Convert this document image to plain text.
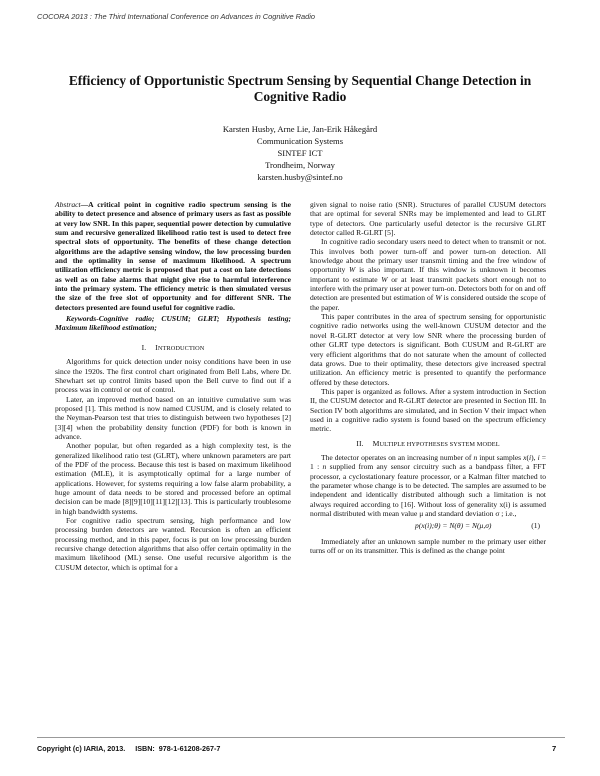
COCORA 2013 : The Third International Conference on Advances in Cognitive Radio
Efficiency of Opportunistic Spectrum Sensing by Sequential Change Detection in
Cognitive Radio
Karsten Husby, Arne Lie, Jan-Erik Håkegård
Communication Systems
SINTEF ICT
Trondheim, Norway
karsten.husby@sintef.no

Abstract—A critical point in cognitive radio spectrum sensing is the ability to detect presence and absence of primary users as fast as possible at very low SNR. In this paper, sequential power detection by cumulative sum and recursive generalized likelihood ratio test is used to detect free spectral slots of opportunity. The benefits of these change detection algorithms are the adaptive sensing window, the low processing burden and the optimality in sense of maximum likelihood. A spectrum utilization efficiency metric is proposed that put a cost on late detections as well as on false alarms that might give rise to harmful interference into the primary system. The efficiency metric is then simulated versus the size of the free slot of opportunity and for different SNR. The detectors presented are found useful for cognitive radio.

Keywords-Cognitive radio; CUSUM; GLRT; Hypothesis testing; Maximum likelihood estimation;

I. INTRODUCTION

Algorithms for quick detection under noisy conditions have been in use since the 1920s. The first control chart originated from Bell Labs, where Dr. Shewhart set up control limits based upon the Bell curve to find out if a process was in control or out of control.

Later, an improved method based on an intuitive cumulative sum was proposed [1]. This method is now named CUSUM, and is closely related to the Neyman-Pearson test that tries to distinguish between two hypotheses [2][3][4] when the probability density function (PDF) for both is known in advance.

Another popular, but often regarded as a high complexity test, is the generalized likelihood ratio test (GLRT), where unknown parameters are part of the PDF of the process. Because this test is based on maximum likelihood estimation (MLE), it is asymptotically optimal for a large number of applications. However, for systems requiring a low false alarm probability, a huge amount of data needs to be stored and processed before an optimal decision can be made [8][9][10][11][12][13]. This is particularly troublesome in high bandwidth systems.

For cognitive radio spectrum sensing, high performance and low processing burden detectors are wanted. Recursion is often an efficient processing method, and in this paper, focus is put on low processing burden recursive change detection algorithms that also offer certain optimality in the maximum likelihood (ML) sense. One useful recursive algorithm is the CUSUM detector, which is optimal for a

given signal to noise ratio (SNR). Structures of parallel CUSUM detectors that are optimal for several SNRs may be implemented and lead to GLRT type of detectors. One particularly useful detector is the recursive GLRT detector called R-GLRT [5].

In cognitive radio secondary users need to detect when to transmit or not. This involves both power turn-off and power turn-on detection. All knowledge about the primary user transmit timing and the free window of opportunity W is also important. If this window is unknown it becomes important to estimate W or at least transmit packets short enough not to interfere with the primary user at power turn-on. Detectors both for on and off detection are presented but estimation of W is considered outside the scope of the paper.

This paper contributes in the area of spectrum sensing for opportunistic cognitive radio networks using the well-known CUSUM detector and the novel R-GLRT detector at very low SNR where the processing burden of other GLRT type detectors is significant. Both CUSUM and R-GLRT are very efficient algorithms that do not saturate when the amount of collected data grows. Due to their optimality, these detectors give increased spectral utilization. An efficiency metric is presented to quantify the performance offered by these detectors.

This paper is organized as follows. After a system introduction in Section II, the CUSUM detector and R-GLRT detector are presented in Section III. In Section IV both algorithms are simulated, and in Section V their impact when used in a cognitive radio system is found based on the spectrum efficiency metric.

II. MULTIPLE HYPOTHESES SYSTEM MODEL

The detector operates on an increasing number of n input samples x(i), i = 1 : n supplied from any sensor circuitry such as a bandpass filter, a FFT processor, a cyclostationary feature processor, or a Kalman filter matched to the parameter whose change is to be detected. The samples are assumed to be independent and identically distributed although such a limitation is not always required according to [16]. Without loss of generality x(i) is assumed normal distributed with mean value μ and standard deviation σ ; i.e.,

p(x(i);θ) = N(θ) = N(μ,σ)	(1)

Immediately after an unknown sample number m the primary user either turns off or on its transmitter. This is defined as the change point

Copyright (c) IARIA, 2013.     ISBN:  978-1-61208-267-7	7
